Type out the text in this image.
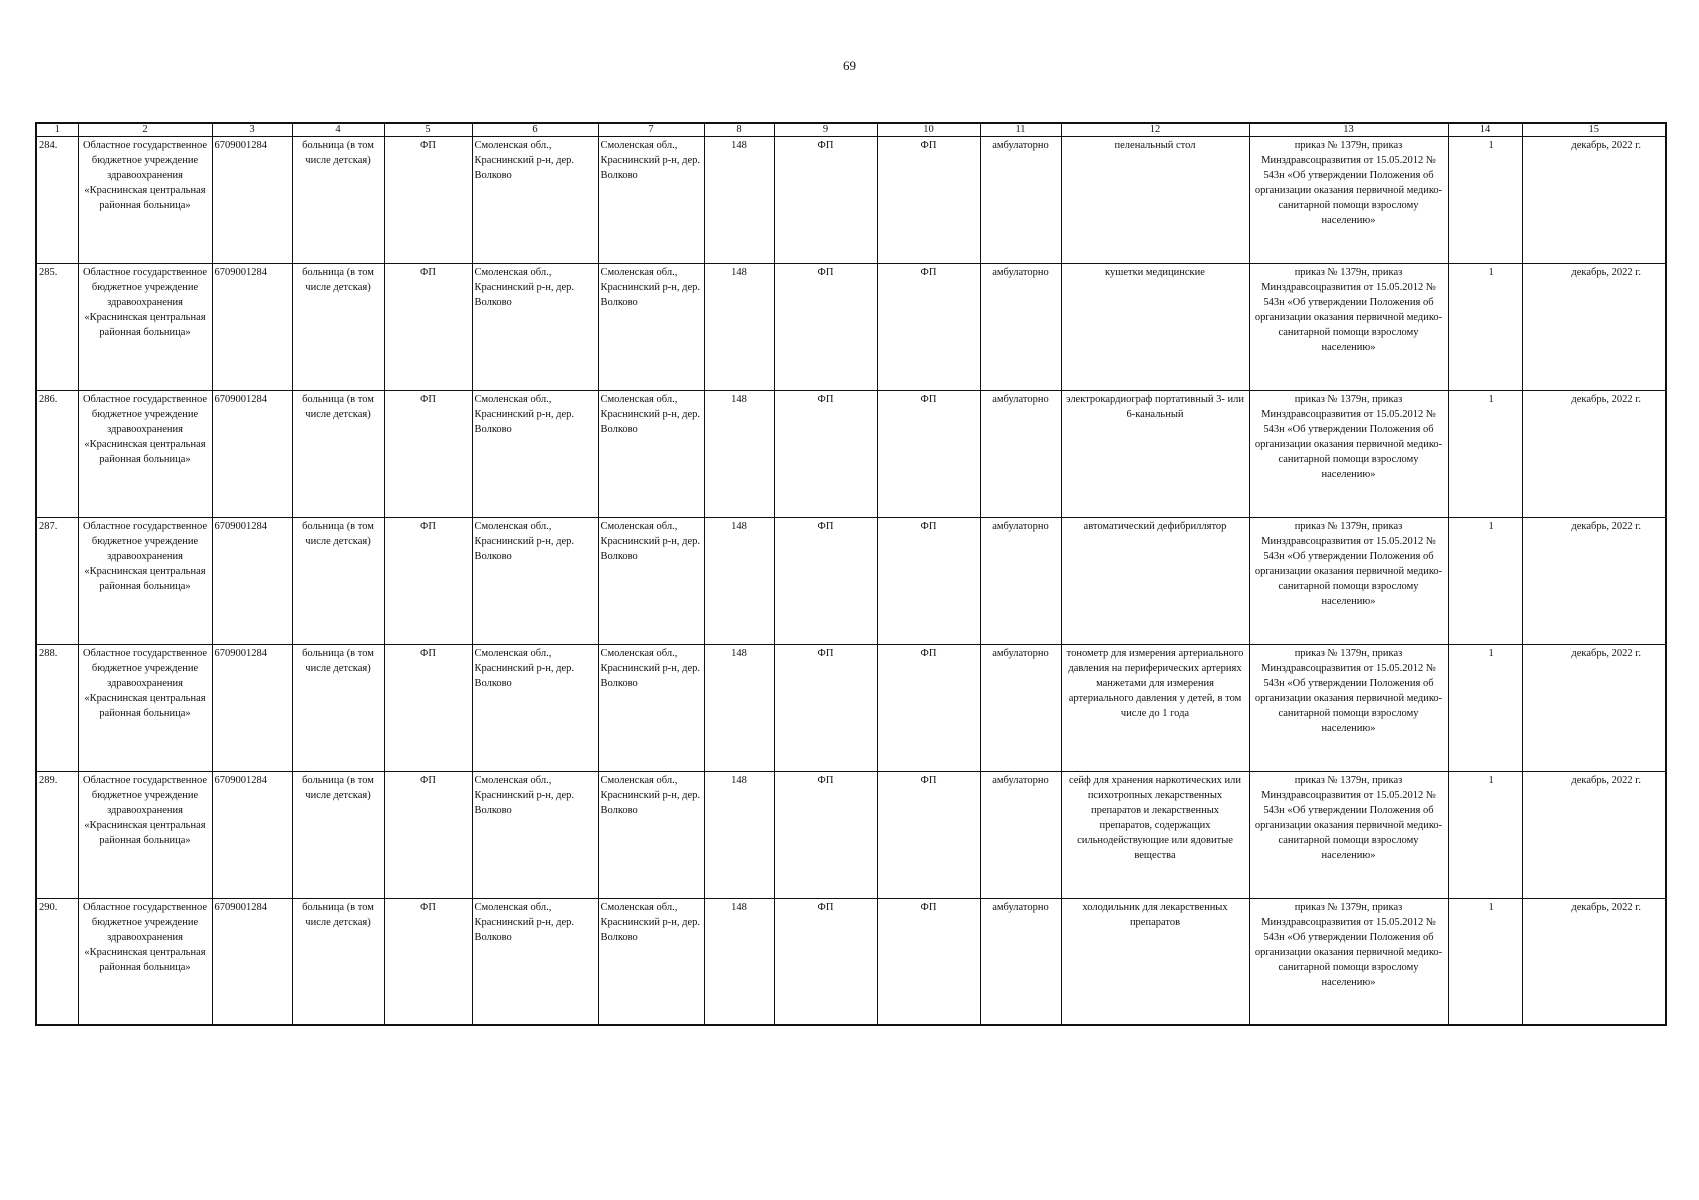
69
1	2	3	4	5	6	7	8	9	10	11	12	13	14	15
284.	Областное государственное бюджетное учреждение здравоохранения «Краснинская центральная районная больница»	6709001284	больница (в том числе детская)	ФП	Смоленская обл., Краснинский р-н, дер. Волково	Смоленская обл., Краснинский р-н, дер. Волково	148	ФП	ФП	амбулаторно	пеленальный стол	приказ № 1379н, приказ Минздравсоцразвития от 15.05.2012 № 543н «Об утверждении Положения об организации оказания первичной медико-санитарной помощи взрослому населению»	1	декабрь, 2022 г.
285.	Областное государственное бюджетное учреждение здравоохранения «Краснинская центральная районная больница»	6709001284	больница (в том числе детская)	ФП	Смоленская обл., Краснинский р-н, дер. Волково	Смоленская обл., Краснинский р-н, дер. Волково	148	ФП	ФП	амбулаторно	кушетки медицинские	приказ № 1379н, приказ Минздравсоцразвития от 15.05.2012 № 543н «Об утверждении Положения об организации оказания первичной медико-санитарной помощи взрослому населению»	1	декабрь, 2022 г.
286.	Областное государственное бюджетное учреждение здравоохранения «Краснинская центральная районная больница»	6709001284	больница (в том числе детская)	ФП	Смоленская обл., Краснинский р-н, дер. Волково	Смоленская обл., Краснинский р-н, дер. Волково	148	ФП	ФП	амбулаторно	электрокардиограф портативный 3- или 6-канальный	приказ № 1379н, приказ Минздравсоцразвития от 15.05.2012 № 543н «Об утверждении Положения об организации оказания первичной медико-санитарной помощи взрослому населению»	1	декабрь, 2022 г.
287.	Областное государственное бюджетное учреждение здравоохранения «Краснинская центральная районная больница»	6709001284	больница (в том числе детская)	ФП	Смоленская обл., Краснинский р-н, дер. Волково	Смоленская обл., Краснинский р-н, дер. Волково	148	ФП	ФП	амбулаторно	автоматический дефибриллятор	приказ № 1379н, приказ Минздравсоцразвития от 15.05.2012 № 543н «Об утверждении Положения об организации оказания первичной медико-санитарной помощи взрослому населению»	1	декабрь, 2022 г.
288.	Областное государственное бюджетное учреждение здравоохранения «Краснинская центральная районная больница»	6709001284	больница (в том числе детская)	ФП	Смоленская обл., Краснинский р-н, дер. Волково	Смоленская обл., Краснинский р-н, дер. Волково	148	ФП	ФП	амбулаторно	тонометр для измерения артериального давления на периферических артериях манжетами для измерения артериального давления у детей, в том числе до 1 года	приказ № 1379н, приказ Минздравсоцразвития от 15.05.2012 № 543н «Об утверждении Положения об организации оказания первичной медико-санитарной помощи взрослому населению»	1	декабрь, 2022 г.
289.	Областное государственное бюджетное учреждение здравоохранения «Краснинская центральная районная больница»	6709001284	больница (в том числе детская)	ФП	Смоленская обл., Краснинский р-н, дер. Волково	Смоленская обл., Краснинский р-н, дер. Волково	148	ФП	ФП	амбулаторно	сейф для хранения наркотических или психотропных лекарственных препаратов и лекарственных препаратов, содержащих сильнодействующие или ядовитые вещества	приказ № 1379н, приказ Минздравсоцразвития от 15.05.2012 № 543н «Об утверждении Положения об организации оказания первичной медико-санитарной помощи взрослому населению»	1	декабрь, 2022 г.
290.	Областное государственное бюджетное учреждение здравоохранения «Краснинская центральная районная больница»	6709001284	больница (в том числе детская)	ФП	Смоленская обл., Краснинский р-н, дер. Волково	Смоленская обл., Краснинский р-н, дер. Волково	148	ФП	ФП	амбулаторно	холодильник для лекарственных препаратов	приказ № 1379н, приказ Минздравсоцразвития от 15.05.2012 № 543н «Об утверждении Положения об организации оказания первичной медико-санитарной помощи взрослому населению»	1	декабрь, 2022 г.
